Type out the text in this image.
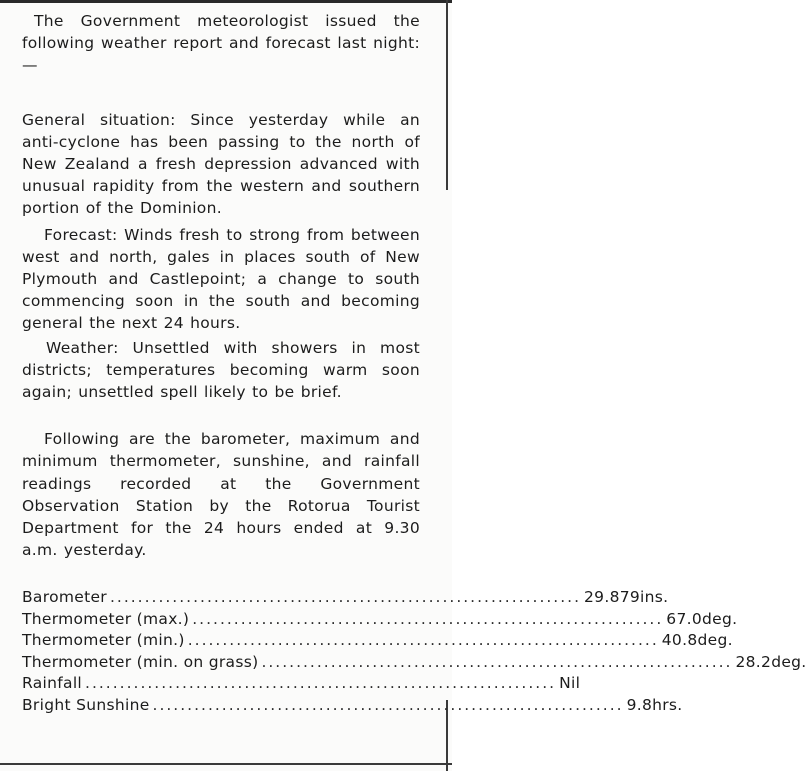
The Government meteorologist issued the following weather report and forecast last night:—

General situation: Since yesterday while an anti-cyclone has been passing to the north of New Zealand a fresh depression advanced with unusual rapidity from the western and southern portion of the Dominion.

Forecast: Winds fresh to strong from between west and north, gales in places south of New Plymouth and Castlepoint; a change to south commencing soon in the south and becoming general the next 24 hours.

Weather: Unsettled with showers in most districts; temperatures becoming warm soon again; unsettled spell likely to be brief.

Following are the barometer, maximum and minimum thermometer, sunshine, and rainfall readings recorded at the Government Observation Station by the Rotorua Tourist Department for the 24 hours ended at 9.30 a.m. yesterday.

Barometer .................................................................... 29.879ins.
Thermometer (max.) .................................................................... 67.0deg.
Thermometer (min.) .................................................................... 40.8deg.
Thermometer (min. on grass) .................................................................... 28.2deg.
Rainfall .................................................................... Nil
Bright Sunshine .................................................................... 9.8hrs.
